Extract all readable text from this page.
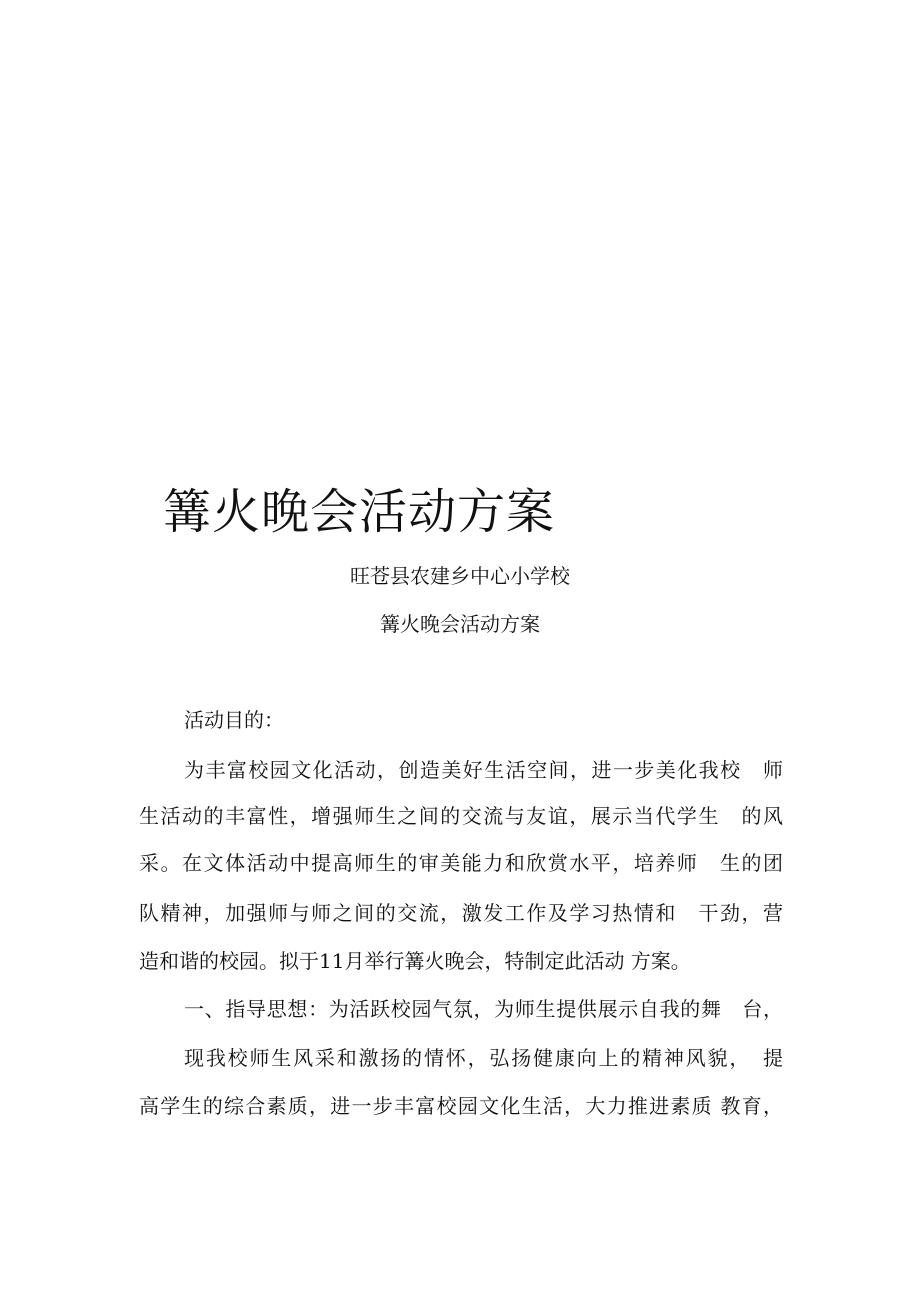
篝火晚会活动方案

旺苍县农建乡中心小学校

篝火晚会活动方案

活动目的：

为丰富校园文化活动，创造美好生活空间，进一步美化我校　师

生活动的丰富性，增强师生之间的交流与友谊，展示当代学生　的风

采。在文体活动中提高师生的审美能力和欣赏水平，培养师　生的团

队精神，加强师与师之间的交流，激发工作及学习热情和　干劲，营

造和谐的校园。拟于11月举行篝火晚会，特制定此活动 方案。

一、指导思想：为活跃校园气氛，为师生提供展示自我的舞　台，

现我校师生风采和激扬的情怀，弘扬健康向上的精神风貌，　提

高学生的综合素质，进一步丰富校园文化生活，大力推进素质 教育，
